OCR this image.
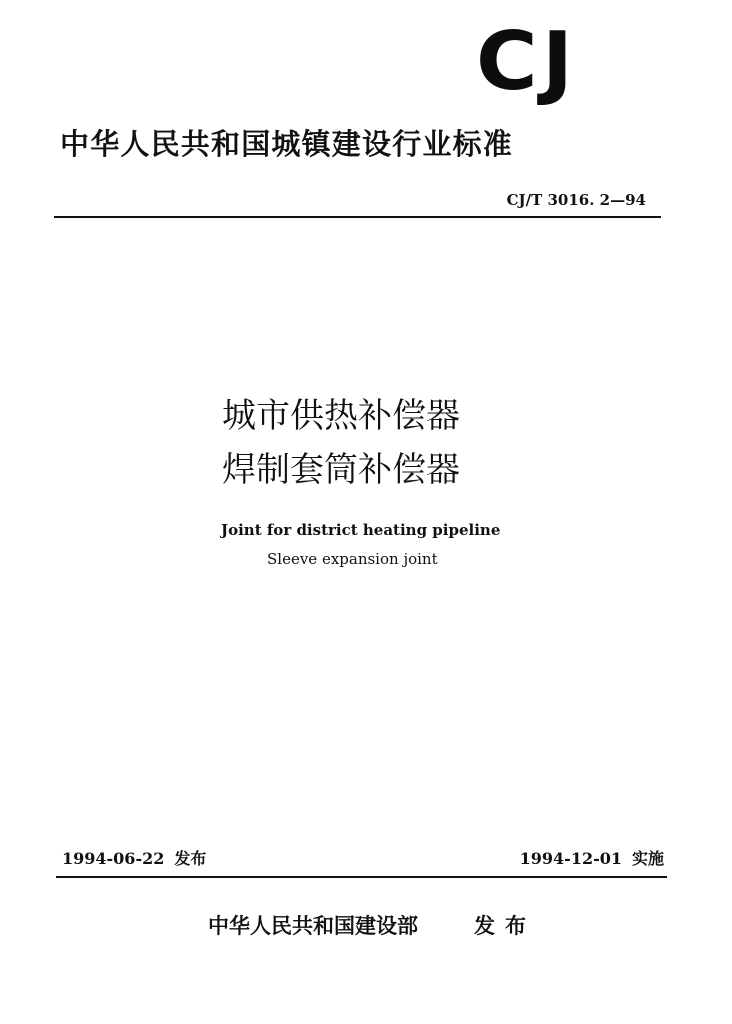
CJ
中华人民共和国城镇建设行业标准
CJ/T 3016. 2—94
城市供热补偿器
焊制套筒补偿器
Joint for district heating pipeline
Sleeve expansion joint
1994-06-22 发布	1994-12-01 实施
中华人民共和国建设部	发布
